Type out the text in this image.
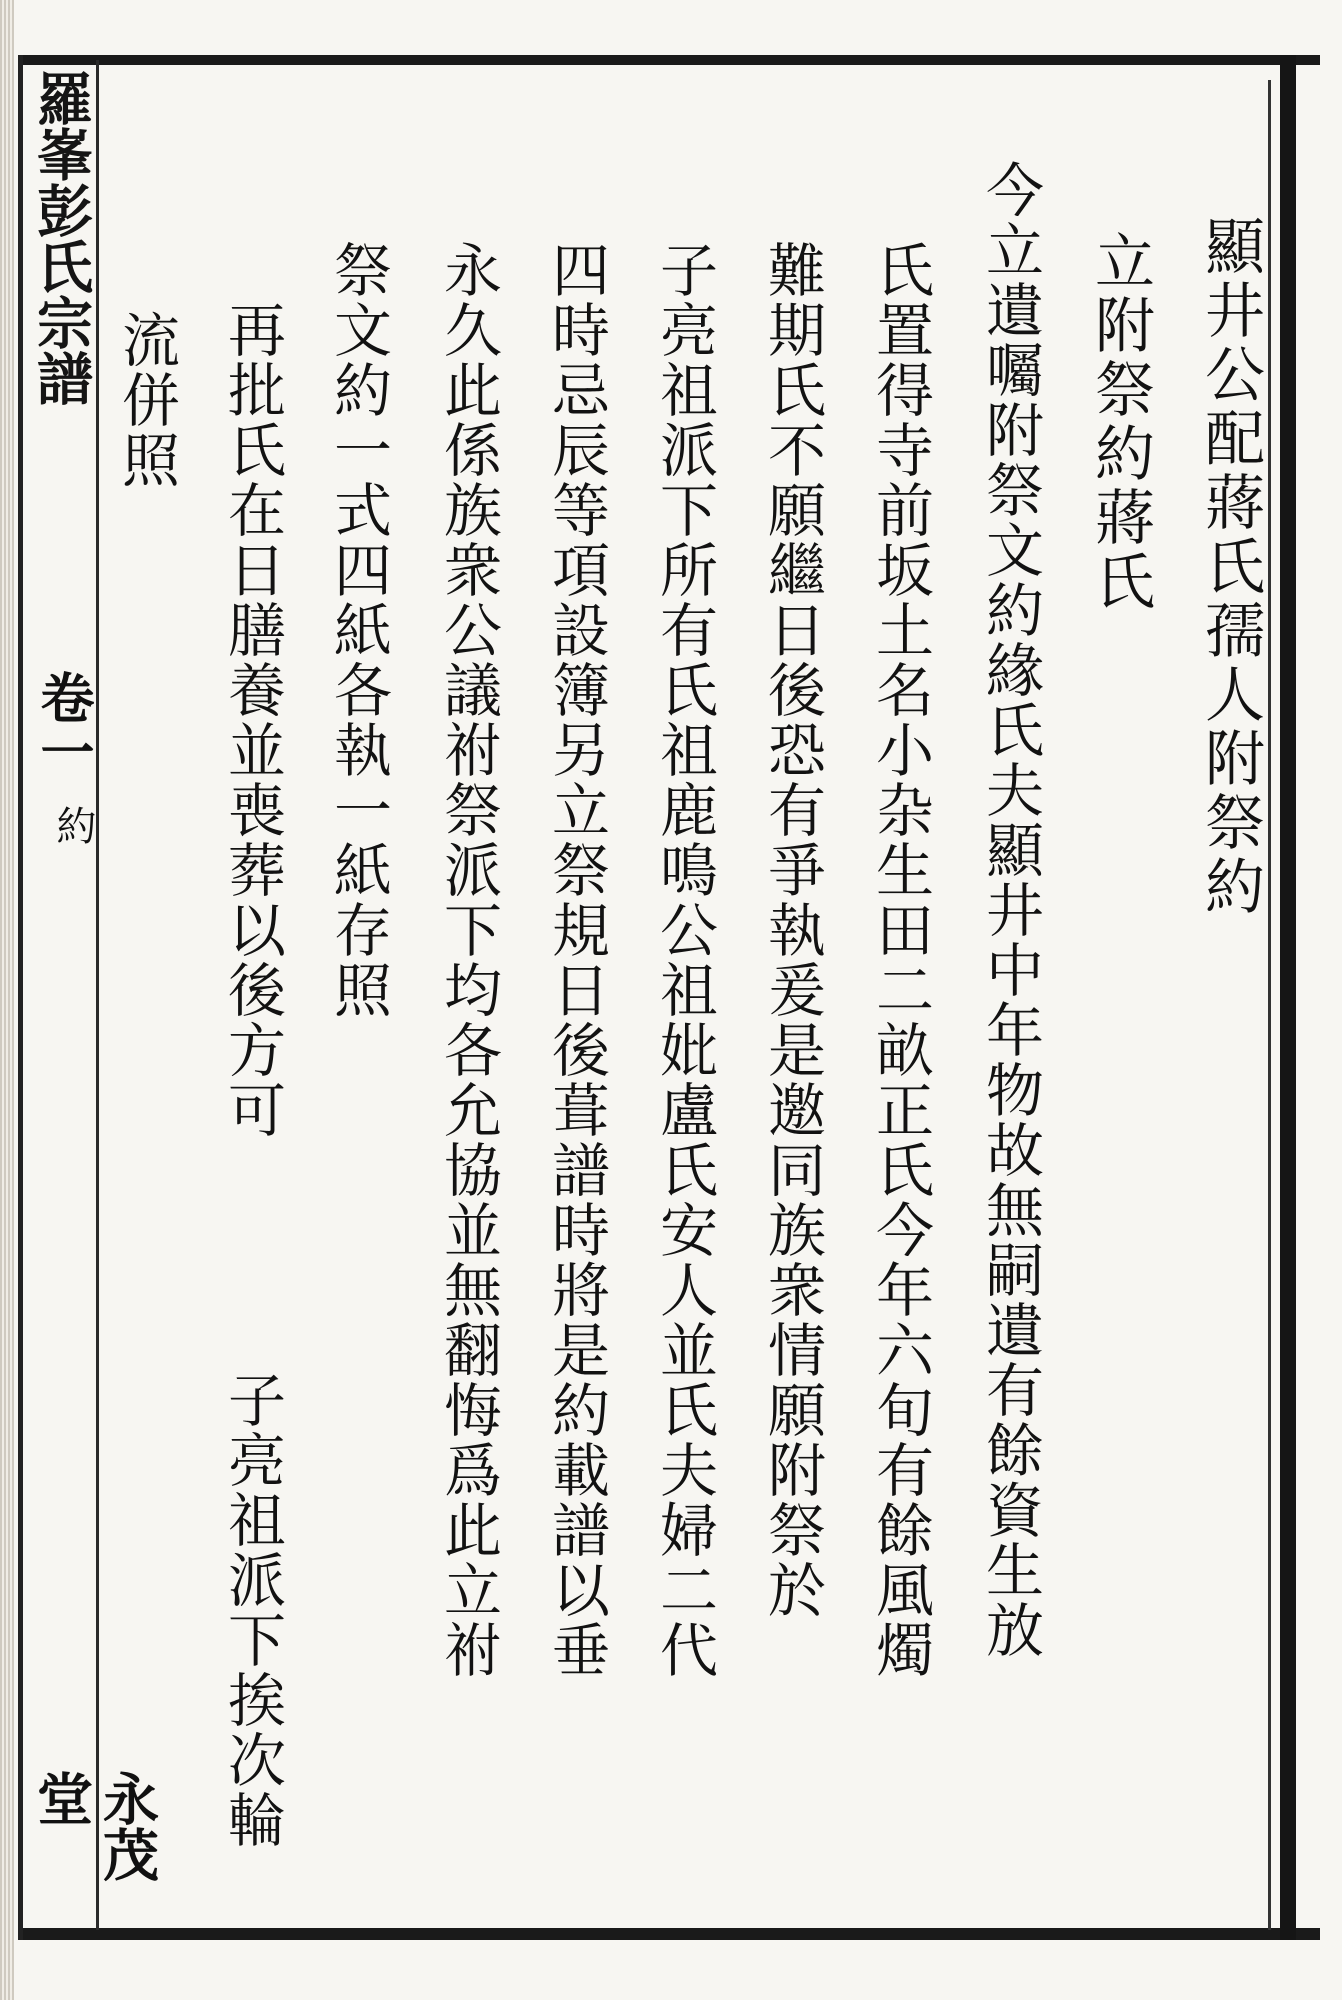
羅峯彭氏宗譜
卷一
約
永茂堂
顯井公配蔣氏孺人附祭約
立附祭約蔣氏
今立遺囑附祭文約緣氏夫顯井中年物故無嗣遺有餘資生放
氏置得寺前坂土名小杂生田二畝正氏今年六旬有餘風燭
難期氏不願繼日後恐有爭執爰是邀同族衆情願附祭於
子亮祖派下所有氏祖鹿鳴公祖妣盧氏安人並氏夫婦二代
四時忌辰等項設簿另立祭規日後葺譜時將是約載譜以垂
永久此係族衆公議祔祭派下均各允協並無翻悔爲此立祔
祭文約一式四紙各執一紙存照
再批氏在日膳養並喪葬以後方可
流併照
子亮祖派下挨次輪
